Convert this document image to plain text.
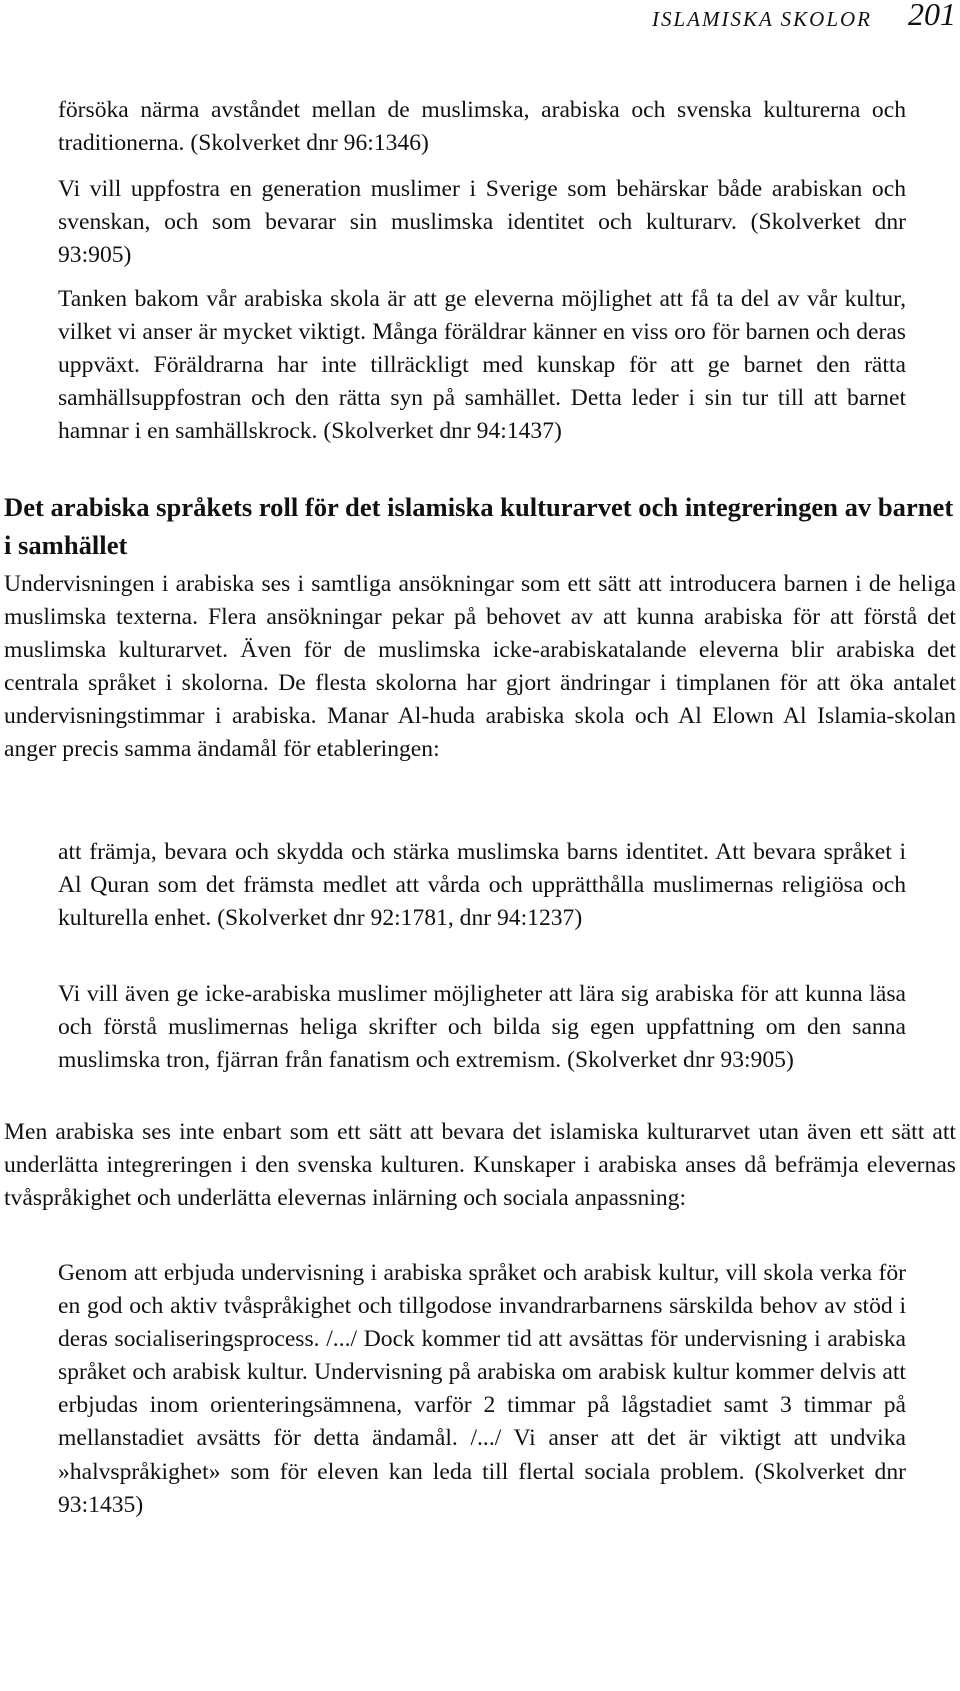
ISLAMISKA SKOLOR 201
försöka närma avståndet mellan de muslimska, arabiska och svenska kulturerna och traditionerna. (Skolverket dnr 96:1346)
Vi vill uppfostra en generation muslimer i Sverige som behärskar både arabiskan och svenskan, och som bevarar sin muslimska identitet och kulturarv. (Skolverket dnr 93:905)
Tanken bakom vår arabiska skola är att ge eleverna möjlighet att få ta del av vår kultur, vilket vi anser är mycket viktigt. Många föräldrar känner en viss oro för barnen och deras uppväxt. Föräldrarna har inte tillräckligt med kunskap för att ge barnet den rätta samhällsuppfostran och den rätta syn på samhället. Detta leder i sin tur till att barnet hamnar i en samhällskrock. (Skolverket dnr 94:1437)
Det arabiska språkets roll för det islamiska kulturarvet och integreringen av barnet i samhället
Undervisningen i arabiska ses i samtliga ansökningar som ett sätt att introducera barnen i de heliga muslimska texterna. Flera ansökningar pekar på behovet av att kunna arabiska för att förstå det muslimska kulturarvet. Även för de muslimska icke-arabiskatalande eleverna blir arabiska det centrala språket i skolorna. De flesta skolorna har gjort ändringar i timplanen för att öka antalet undervisningstimmar i arabiska. Manar Al-huda arabiska skola och Al Elown Al Islamia-skolan anger precis samma ändamål för etableringen:
att främja, bevara och skydda och stärka muslimska barns identitet. Att bevara språket i Al Quran som det främsta medlet att vårda och upprätthålla muslimernas religiösa och kulturella enhet. (Skolverket dnr 92:1781, dnr 94:1237)
Vi vill även ge icke-arabiska muslimer möjligheter att lära sig arabiska för att kunna läsa och förstå muslimernas heliga skrifter och bilda sig egen uppfattning om den sanna muslimska tron, fjärran från fanatism och extremism. (Skolverket dnr 93:905)
Men arabiska ses inte enbart som ett sätt att bevara det islamiska kulturarvet utan även ett sätt att underlätta integreringen i den svenska kulturen. Kunskaper i arabiska anses då befrämja elevernas tvåspråkighet och underlätta elevernas inlärning och sociala anpassning:
Genom att erbjuda undervisning i arabiska språket och arabisk kultur, vill skola verka för en god och aktiv tvåspråkighet och tillgodose invandrarbarnens särskilda behov av stöd i deras socialiseringsprocess. /.../ Dock kommer tid att avsättas för undervisning i arabiska språket och arabisk kultur. Undervisning på arabiska om arabisk kultur kommer delvis att erbjudas inom orienteringsämnena, varför 2 timmar på lågstadiet samt 3 timmar på mellanstadiet avsätts för detta ändamål. /.../ Vi anser att det är viktigt att undvika »halvspråkighet» som för eleven kan leda till flertal sociala problem. (Skolverket dnr 93:1435)
